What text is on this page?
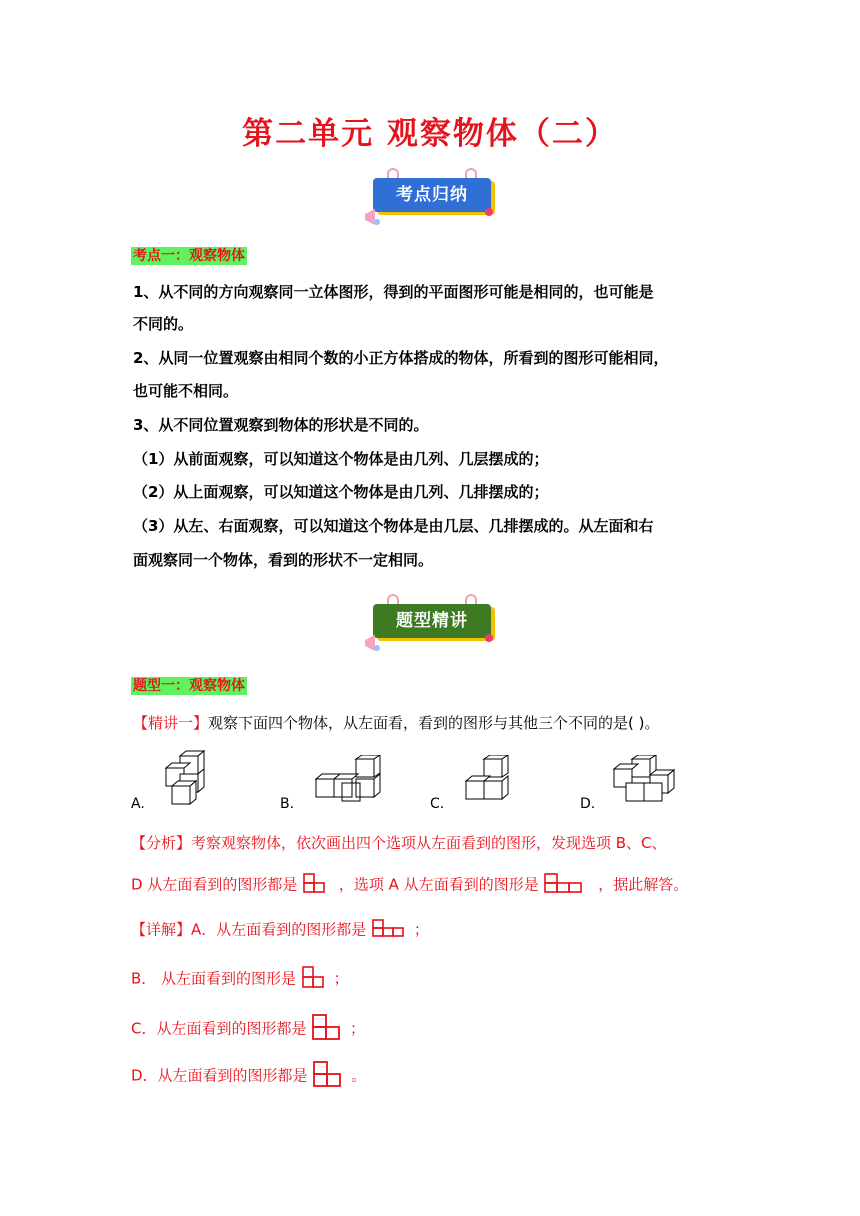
第二单元 观察物体（二）
考点归纳
考点一：观察物体
1、从不同的方向观察同一立体图形，得到的平面图形可能是相同的，也可能是
不同的。
2、从同一位置观察由相同个数的小正方体搭成的物体，所看到的图形可能相同，
也可能不相同。
3、从不同位置观察到物体的形状是不同的。
（1）从前面观察，可以知道这个物体是由几列、几层摆成的；
（2）从上面观察，可以知道这个物体是由几列、几排摆成的；
（3）从左、右面观察，可以知道这个物体是由几层、几排摆成的。从左面和右
面观察同一个物体，看到的形状不一定相同。
题型精讲
题型一：观察物体
【精讲一】观察下面四个物体，从左面看，看到的图形与其他三个不同的是( )。
A.	B.	C.	D.
【分析】考察观察物体，依次画出四个选项从左面看到的图形，发现选项 B、C、
D 从左面看到的图形都是	，选项 A 从左面看到的图形是	，据此解答。
【详解】A．从左面看到的图形都是	；
B． 从左面看到的图形是	；
C．从左面看到的图形都是	；
D．从左面看到的图形都是	。
